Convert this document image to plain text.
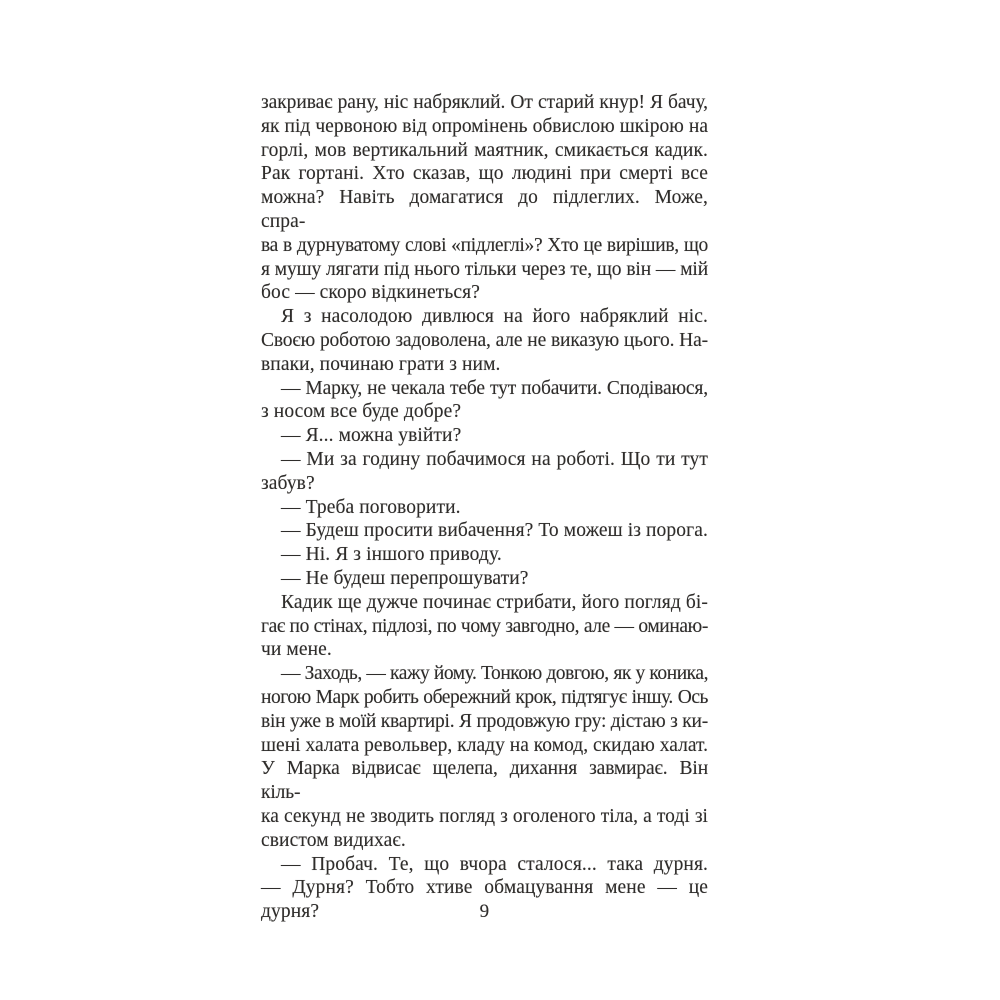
закриває рану, ніс набряклий. От старий кнур! Я бачу,
як під червоною від опромінень обвислою шкірою на
горлі, мов вертикальний маятник, смикається кадик.
Рак гортані. Хто сказав, що людині при смерті все
можна? Навіть домагатися до підлеглих. Може, спра-
ва в дурнуватому слові «підлеглі»? Хто це вирішив, що
я мушу лягати під нього тільки через те, що він — мій
бос — скоро відкинеться?
Я з насолодою дивлюся на його набряклий ніс.
Своєю роботою задоволена, але не виказую цього. На-
впаки, починаю грати з ним.
— Марку, не чекала тебе тут побачити. Сподіваюся,
з носом все буде добре?
— Я... можна увійти?
— Ми за годину побачимося на роботі. Що ти тут
забув?
— Треба поговорити.
— Будеш просити вибачення? То можеш із порога.
— Ні. Я з іншого приводу.
— Не будеш перепрошувати?
Кадик ще дужче починає стрибати, його погляд бі-
гає по стінах, підлозі, по чому завгодно, але — оминаю-
чи мене.
— Заходь, — кажу йому. Тонкою довгою, як у коника,
ногою Марк робить обережний крок, підтягує іншу. Ось
він уже в моїй квартирі. Я продовжую гру: дістаю з ки-
шені халата револьвер, кладу на комод, скидаю халат.
У Марка відвисає щелепа, дихання завмирає. Він кіль-
ка секунд не зводить погляд з оголеного тіла, а тоді зі
свистом видихає.
— Пробач. Те, що вчора сталося... така дурня.
— Дурня? Тобто хтиве обмацування мене — це
дурня?	9
